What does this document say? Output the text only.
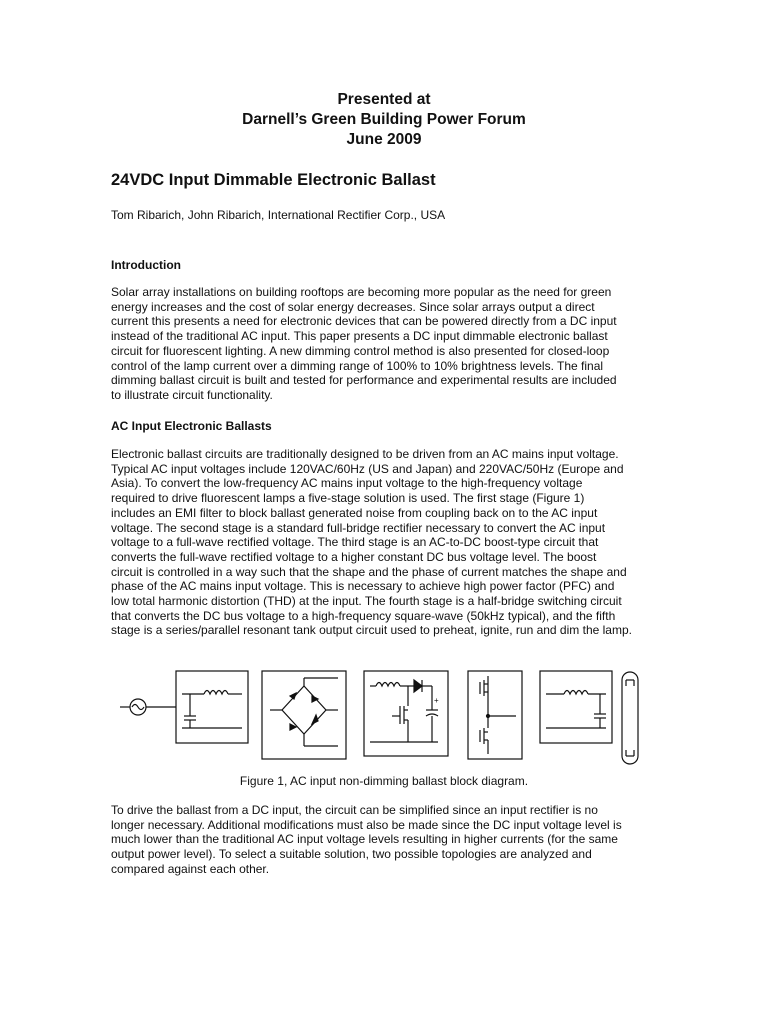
Presented at
Darnell’s Green Building Power Forum
June 2009
24VDC Input Dimmable Electronic Ballast
Tom Ribarich, John Ribarich, International Rectifier Corp., USA
Introduction
Solar array installations on building rooftops are becoming more popular as the need for green
energy increases and the cost of solar energy decreases. Since solar arrays output a direct
current this presents a need for electronic devices that can be powered directly from a DC input
instead of the traditional AC input. This paper presents a DC input dimmable electronic ballast
circuit for fluorescent lighting. A new dimming control method is also presented for closed-loop
control of the lamp current over a dimming range of 100% to 10% brightness levels. The final
dimming ballast circuit is built and tested for performance and experimental results are included
to illustrate circuit functionality.
AC Input Electronic Ballasts
Electronic ballast circuits are traditionally designed to be driven from an AC mains input voltage.
Typical AC input voltages include 120VAC/60Hz (US and Japan) and 220VAC/50Hz (Europe and
Asia). To convert the low-frequency AC mains input voltage to the high-frequency voltage
required to drive fluorescent lamps a five-stage solution is used. The first stage (Figure 1)
includes an EMI filter to block ballast generated noise from coupling back on to the AC input
voltage. The second stage is a standard full-bridge rectifier necessary to convert the AC input
voltage to a full-wave rectified voltage. The third stage is an AC-to-DC boost-type circuit that
converts the full-wave rectified voltage to a higher constant DC bus voltage level. The boost
circuit is controlled in a way such that the shape and the phase of current matches the shape and
phase of the AC mains input voltage. This is necessary to achieve high power factor (PFC) and
low total harmonic distortion (THD) at the input. The fourth stage is a half-bridge switching circuit
that converts the DC bus voltage to a high-frequency square-wave (50kHz typical), and the fifth
stage is a series/parallel resonant tank output circuit used to preheat, ignite, run and dim the lamp.
+
Figure 1, AC input non-dimming ballast block diagram.
To drive the ballast from a DC input, the circuit can be simplified since an input rectifier is no
longer necessary. Additional modifications must also be made since the DC input voltage level is
much lower than the traditional AC input voltage levels resulting in higher currents (for the same
output power level). To select a suitable solution, two possible topologies are analyzed and
compared against each other.
